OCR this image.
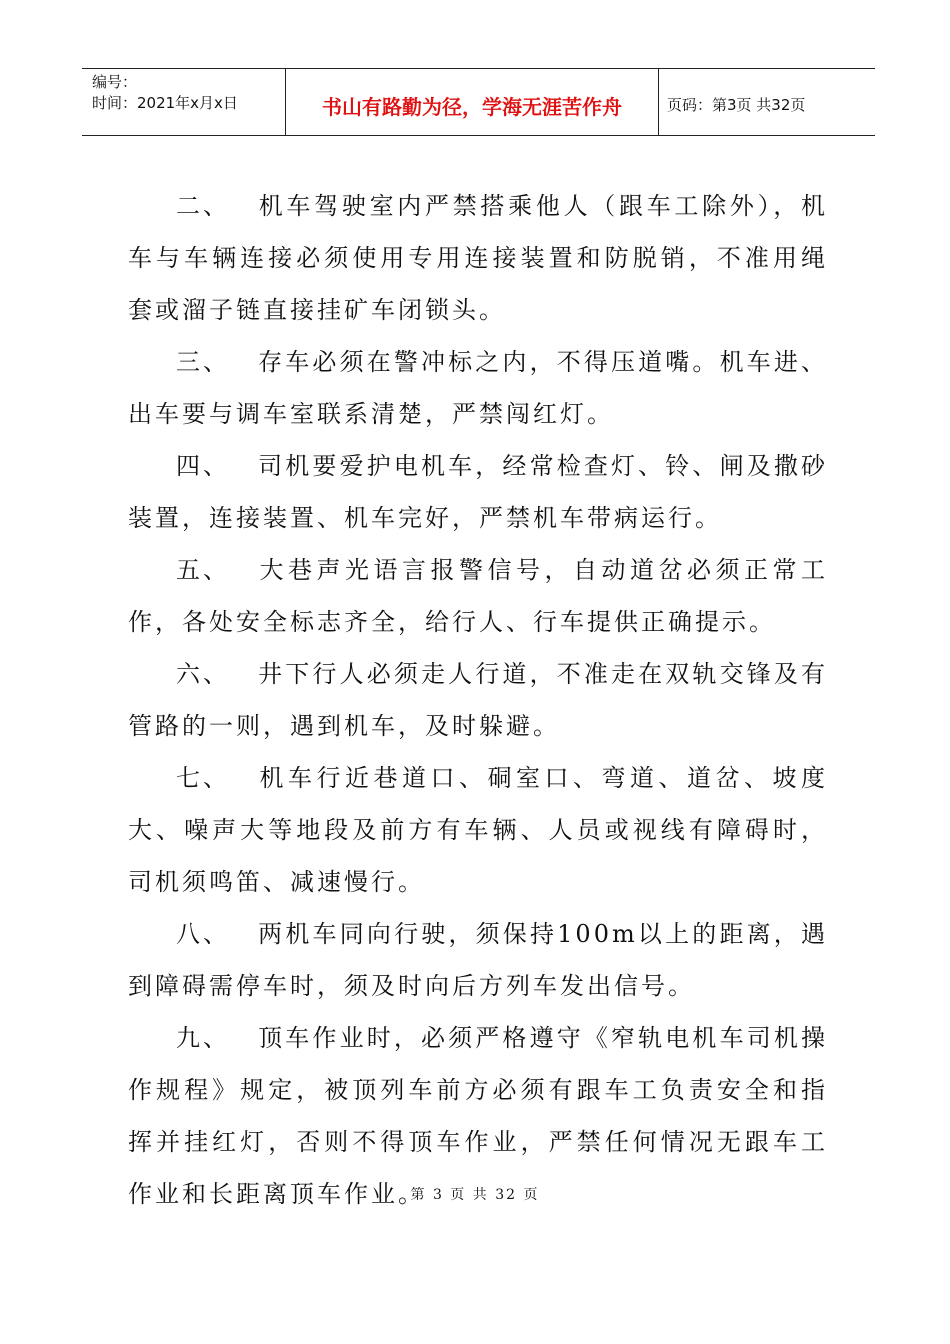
编号：
时间：2021年x月x日	书山有路勤为径，学海无涯苦作舟	页码：第3页 共32页

二、 机车驾驶室内严禁搭乘他人（跟车工除外），机车与车辆连接必须使用专用连接装置和防脱销，不准用绳套或溜子链直接挂矿车闭锁头。

三、 存车必须在警冲标之内，不得压道嘴。机车进、出车要与调车室联系清楚，严禁闯红灯。

四、 司机要爱护电机车，经常检查灯、铃、闸及撒砂装置，连接装置、机车完好，严禁机车带病运行。

五、 大巷声光语言报警信号，自动道岔必须正常工作，各处安全标志齐全，给行人、行车提供正确提示。

六、 井下行人必须走人行道，不准走在双轨交锋及有管路的一则，遇到机车，及时躲避。

七、 机车行近巷道口、硐室口、弯道、道岔、坡度大、噪声大等地段及前方有车辆、人员或视线有障碍时，司机须鸣笛、减速慢行。

八、 两机车同向行驶，须保持100m以上的距离，遇到障碍需停车时，须及时向后方列车发出信号。

九、 顶车作业时，必须严格遵守《窄轨电机车司机操作规程》规定，被顶列车前方必须有跟车工负责安全和指挥并挂红灯，否则不得顶车作业，严禁任何情况无跟车工作业和长距离顶车作业。

第 3 页 共 32 页
